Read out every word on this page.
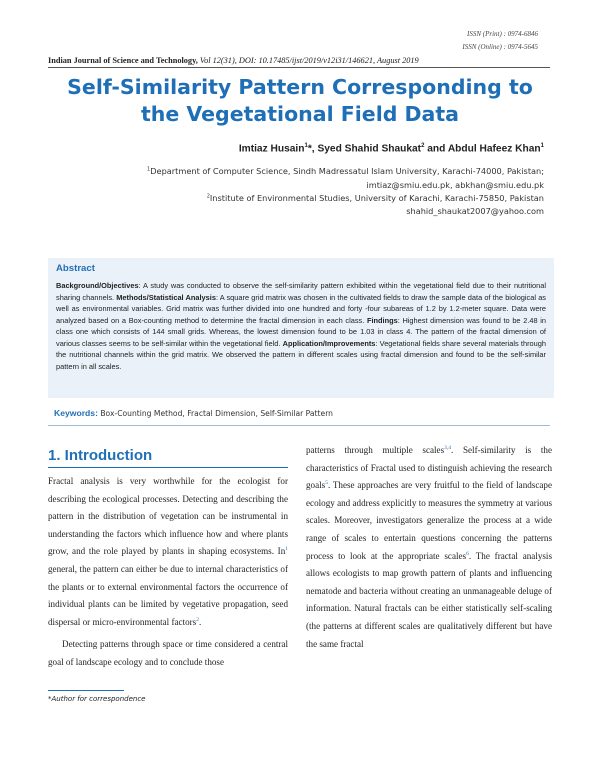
ISSN (Print) : 0974-6846
ISSN (Online) : 0974-5645
Indian Journal of Science and Technology, Vol 12(31), DOI: 10.17485/ijst/2019/v12i31/146621, August 2019
Self-Similarity Pattern Corresponding to the Vegetational Field Data
Imtiaz Husain$^1$*, Syed Shahid Shaukat$^2$ and Abdul Hafeez Khan$^1$
$^1$Department of Computer Science, Sindh Madressatul Islam University, Karachi-74000, Pakistan;
imtiaz@smiu.edu.pk, abkhan@smiu.edu.pk
$^2$Institute of Environmental Studies, University of Karachi, Karachi-75850, Pakistan
shahid_shaukat2007@yahoo.com
Abstract
Background/Objectives: A study was conducted to observe the self-similarity pattern exhibited within the vegetational field due to their nutritional sharing channels. Methods/Statistical Analysis: A square grid matrix was chosen in the cultivated fields to draw the sample data of the biological as well as environmental variables. Grid matrix was further divided into one hundred and forty -four subareas of 1.2 by 1.2-meter square. Data were analyzed based on a Box-counting method to determine the fractal dimension in each class. Findings: Highest dimension was found to be 2.48 in class one which consists of 144 small grids. Whereas, the lowest dimension found to be 1.03 in class 4. The pattern of the fractal dimension of various classes seems to be self-similar within the vegetational field. Application/Improvements: Vegetational fields share several materials through the nutritional channels within the grid matrix. We observed the pattern in different scales using fractal dimension and found to be the self-similar pattern in all scales.
Keywords: Box-Counting Method, Fractal Dimension, Self-Similar Pattern
1. Introduction

Fractal analysis is very worthwhile for the ecologist for describing the ecological processes. Detecting and describing the pattern in the distribution of vegetation can be instrumental in understanding the factors which influence how and where plants grow, and the role played by plants in shaping ecosystems. In$^1$ general, the pattern can either be due to internal characteristics of the plants or to external environmental factors the occurrence of individual plants can be limited by vegetative propagation, seed dispersal or micro-environmental factors$^2$.

Detecting patterns through space or time considered a central goal of landscape ecology and to conclude those

patterns through multiple scales$^{3,4}$. Self-similarity is the characteristics of Fractal used to distinguish achieving the research goals$^5$. These approaches are very fruitful to the field of landscape ecology and address explicitly to measures the symmetry at various scales. Moreover, investigators generalize the process at a wide range of scales to entertain questions concerning the patterns process to look at the appropriate scales$^6$. The fractal analysis allows ecologists to map growth pattern of plants and influencing nematode and bacteria without creating an unmanageable deluge of information. Natural fractals can be either statistically self-scaling (the patterns at different scales are qualitatively different but have the same fractal

*Author for correspondence
